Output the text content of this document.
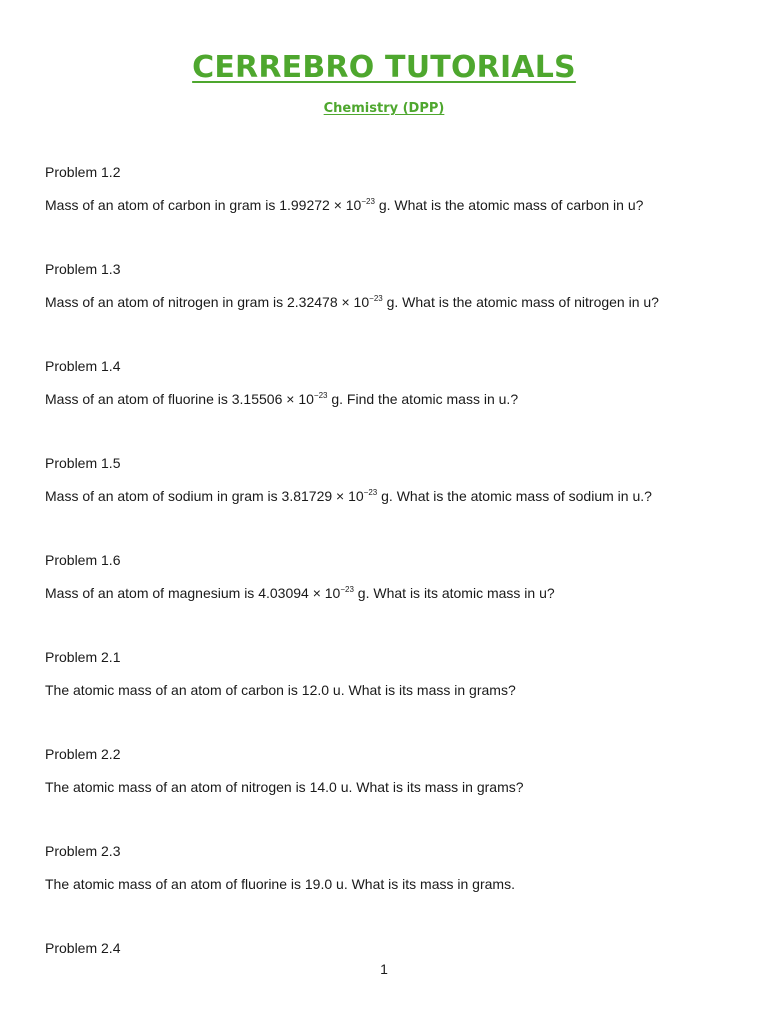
CERREBRO TUTORIALS
Chemistry (DPP)
Problem 1.2
Mass of an atom of carbon in gram is $1.99272 \times 10^{-23}$ g. What is the atomic mass of carbon in u?
Problem 1.3
Mass of an atom of nitrogen in gram is $2.32478 \times 10^{-23}$ g. What is the atomic mass of nitrogen in u?
Problem 1.4
Mass of an atom of fluorine is $3.15506 \times 10^{-23}$ g. Find the atomic mass in u.?
Problem 1.5
Mass of an atom of sodium in gram is $3.81729 \times 10^{-23}$ g. What is the atomic mass of sodium in u.?
Problem 1.6
Mass of an atom of magnesium is $4.03094 \times 10^{-23}$ g. What is its atomic mass in u?
Problem 2.1
The atomic mass of an atom of carbon is 12.0 u. What is its mass in grams?
Problem 2.2
The atomic mass of an atom of nitrogen is 14.0 u. What is its mass in grams?
Problem 2.3
The atomic mass of an atom of fluorine is 19.0 u. What is its mass in grams.
Problem 2.4
1
